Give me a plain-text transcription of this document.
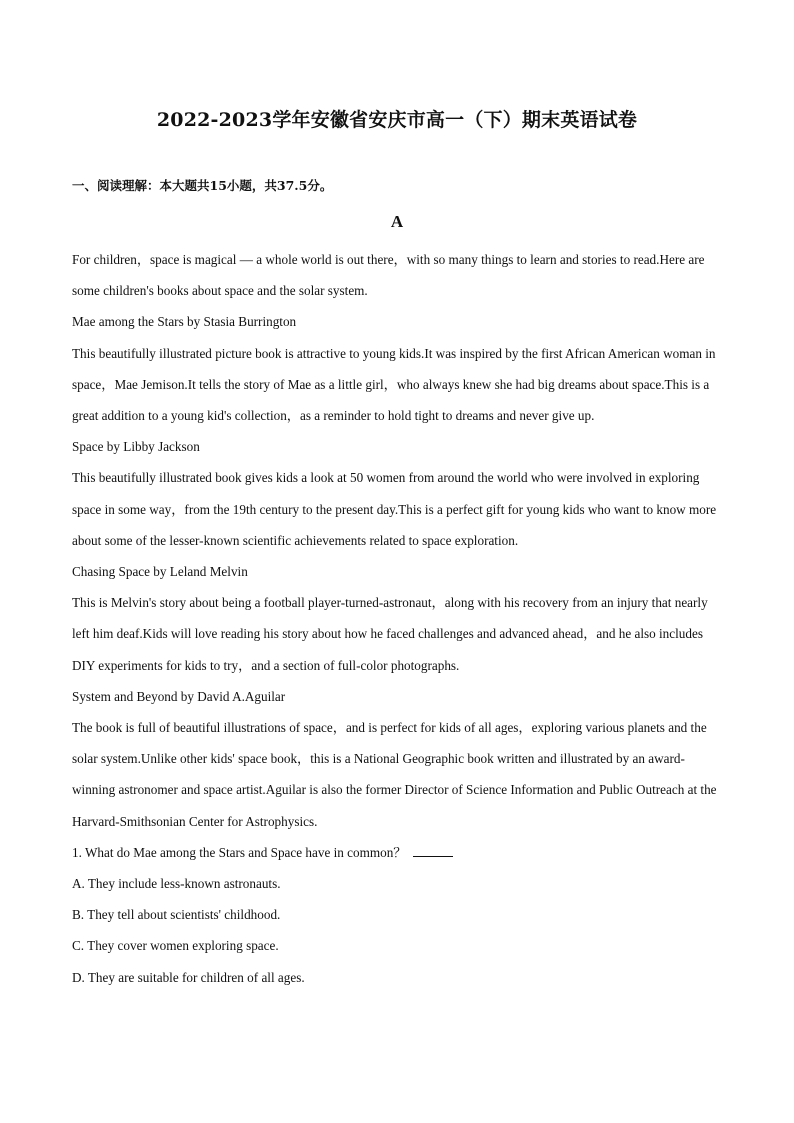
2022-2023学年安徽省安庆市高一（下）期末英语试卷
一、阅读理解：本大题共15小题，共37.5分。
A

For children，space is magical — a whole world is out there，with so many things to learn and stories to read.Here are some children's books about space and the solar system.

Mae among the Stars by Stasia Burrington

This beautifully illustrated picture book is attractive to young kids.It was inspired by the first African American woman in space，Mae Jemison.It tells the story of Mae as a little girl，who always knew she had big dreams about space.This is a great addition to a young kid's collection，as a reminder to hold tight to dreams and never give up.

Space by Libby Jackson

This beautifully illustrated book gives kids a look at 50 women from around the world who were involved in exploring space in some way，from the 19th century to the present day.This is a perfect gift for young kids who want to know more about some of the lesser-known scientific achievements related to space exploration.

Chasing Space by Leland Melvin

This is Melvin's story about being a football player-turned-astronaut，along with his recovery from an injury that nearly left him deaf.Kids will love reading his story about how he faced challenges and advanced ahead，and he also includes DIY experiments for kids to try，and a section of full-color photographs.

System and Beyond by David A.Aguilar

The book is full of beautiful illustrations of space，and is perfect for kids of all ages，exploring various planets and the solar system.Unlike other kids' space book，this is a National Geographic book written and illustrated by an award-winning astronomer and space artist.Aguilar is also the former Director of Science Information and Public Outreach at the Harvard-Smithsonian Center for Astrophysics.

1. What do Mae among the Stars and Space have in common？

A. They include less-known astronauts.

B. They tell about scientists' childhood.

C. They cover women exploring space.

D. They are suitable for children of all ages.
